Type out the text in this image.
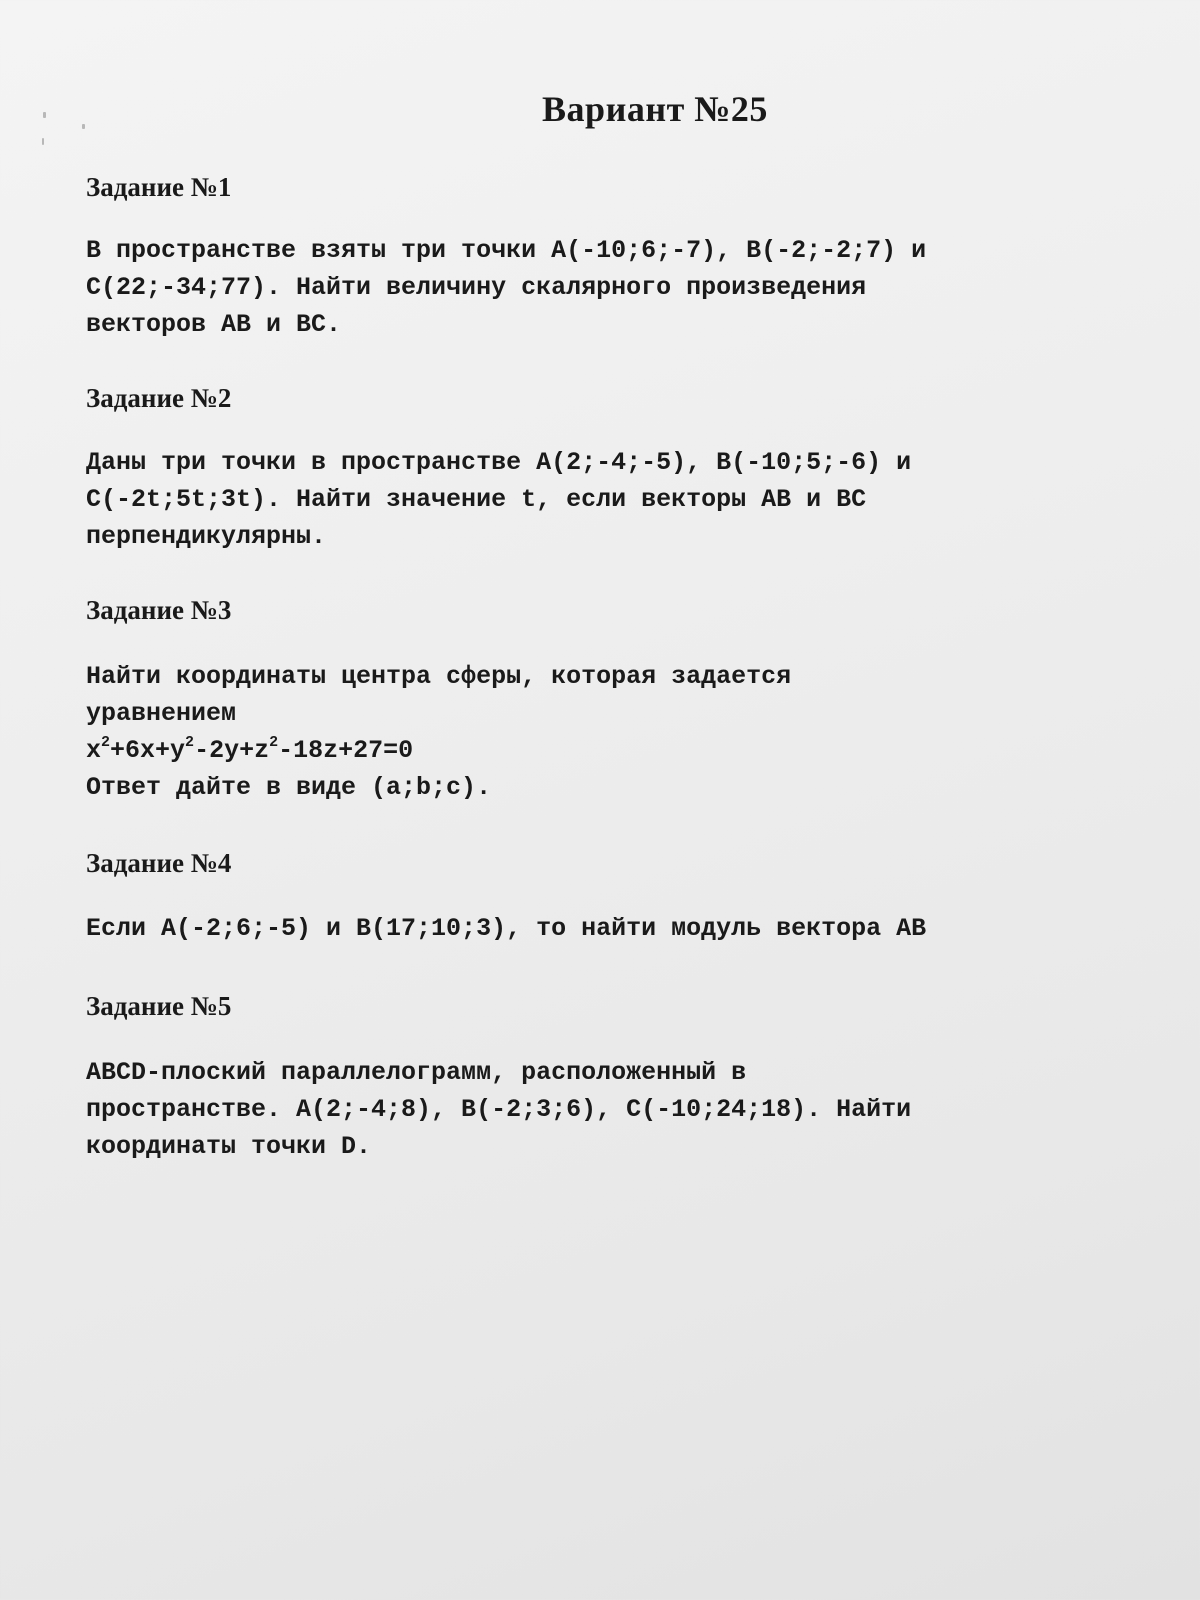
Вариант №25
Задание №1
В пространстве взяты три точки A(-10;6;-7), B(-2;-2;7) и
C(22;-34;77). Найти величину скалярного произведения
векторов AB и BC.
Задание №2
Даны три точки в пространстве A(2;-4;-5), B(-10;5;-6) и
C(-2t;5t;3t). Найти значение t, если векторы AB и BC
перпендикулярны.
Задание №3
Найти координаты центра сферы, которая задается
уравнением
$x^2+6x+y^2-2y+z^2-18z+27=0$
Ответ дайте в виде (a;b;c).
Задание №4
Если A(-2;6;-5) и B(17;10;3), то найти модуль вектора AB
Задание №5
ABCD-плоский параллелограмм, расположенный в
пространстве. A(2;-4;8), B(-2;3;6), C(-10;24;18). Найти
координаты точки D.
